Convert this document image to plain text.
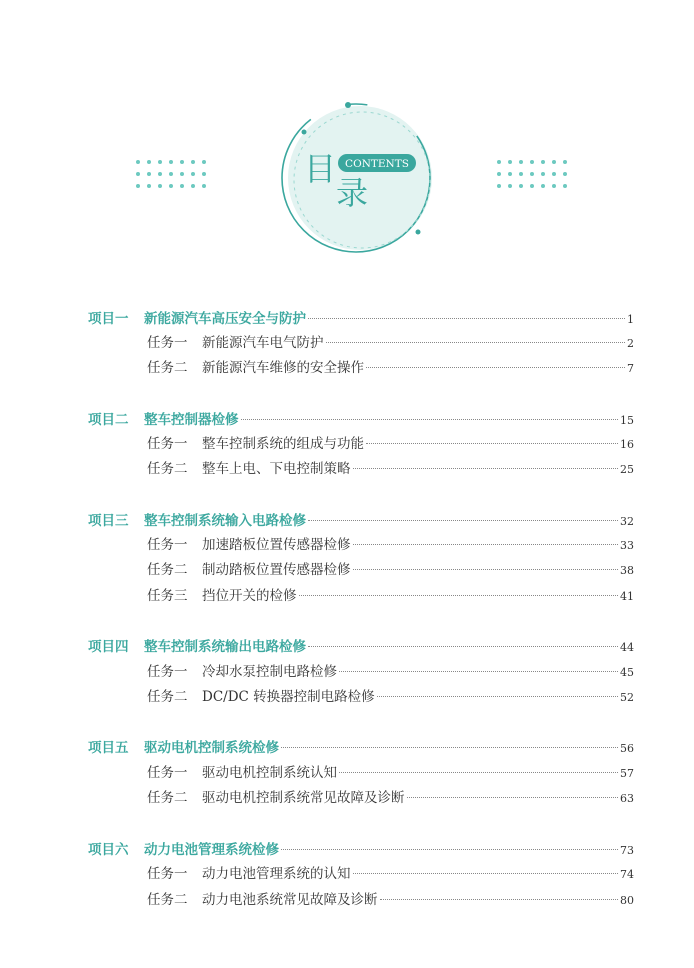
目 CONTENTS
录
项目一	新能源汽车高压安全与防护	1
任务一	新能源汽车电气防护	2
任务二	新能源汽车维修的安全操作	7
项目二	整车控制器检修	15
任务一	整车控制系统的组成与功能	16
任务二	整车上电、下电控制策略	25
项目三	整车控制系统输入电路检修	32
任务一	加速踏板位置传感器检修	33
任务二	制动踏板位置传感器检修	38
任务三	挡位开关的检修	41
项目四	整车控制系统输出电路检修	44
任务一	冷却水泵控制电路检修	45
任务二	DC/DC 转换器控制电路检修	52
项目五	驱动电机控制系统检修	56
任务一	驱动电机控制系统认知	57
任务二	驱动电机控制系统常见故障及诊断	63
项目六	动力电池管理系统检修	73
任务一	动力电池管理系统的认知	74
任务二	动力电池系统常见故障及诊断	80
